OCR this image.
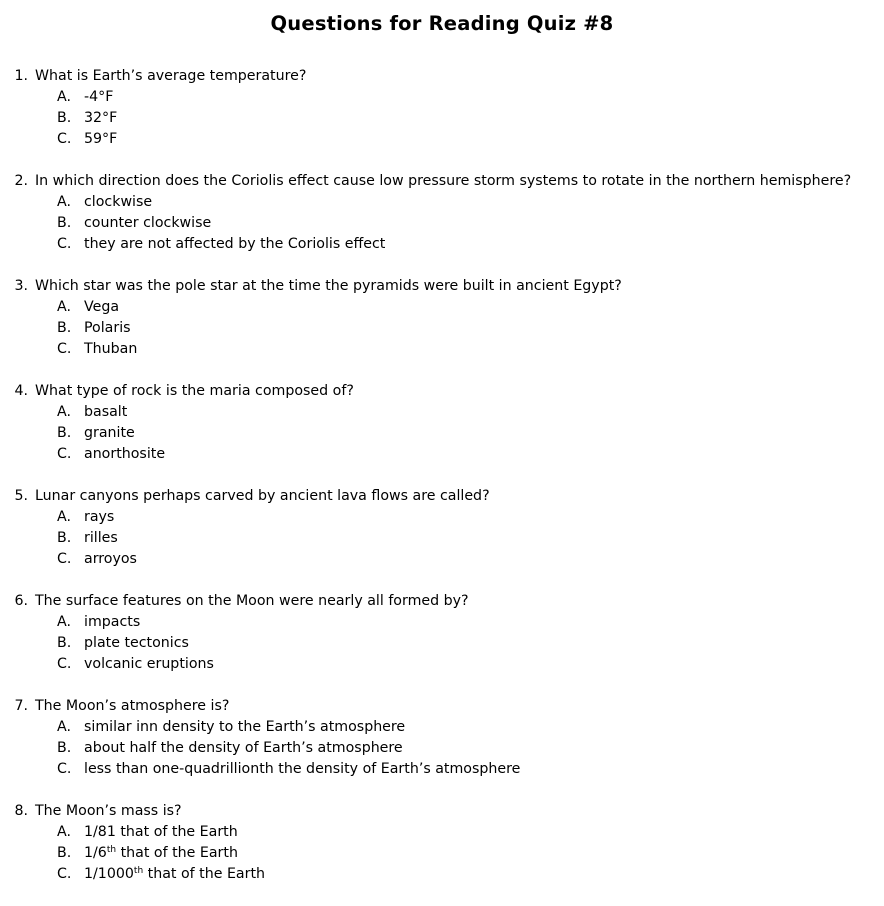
Questions for Reading Quiz #8
1. What is Earth’s average temperature?
A. -4°F
B. 32°F
C. 59°F
2. In which direction does the Coriolis effect cause low pressure storm systems to rotate in the northern hemisphere?
A. clockwise
B. counter clockwise
C. they are not affected by the Coriolis effect
3. Which star was the pole star at the time the pyramids were built in ancient Egypt?
A. Vega
B. Polaris
C. Thuban
4. What type of rock is the maria composed of?
A. basalt
B. granite
C. anorthosite
5. Lunar canyons perhaps carved by ancient lava flows are called?
A. rays
B. rilles
C. arroyos
6. The surface features on the Moon were nearly all formed by?
A. impacts
B. plate tectonics
C. volcanic eruptions
7. The Moon’s atmosphere is?
A. similar inn density to the Earth’s atmosphere
B. about half the density of Earth’s atmosphere
C. less than one-quadrillionth the density of Earth’s atmosphere
8. The Moon’s mass is?
A. 1/81 that of the Earth
B. 1/6th that of the Earth
C. 1/1000th that of the Earth
